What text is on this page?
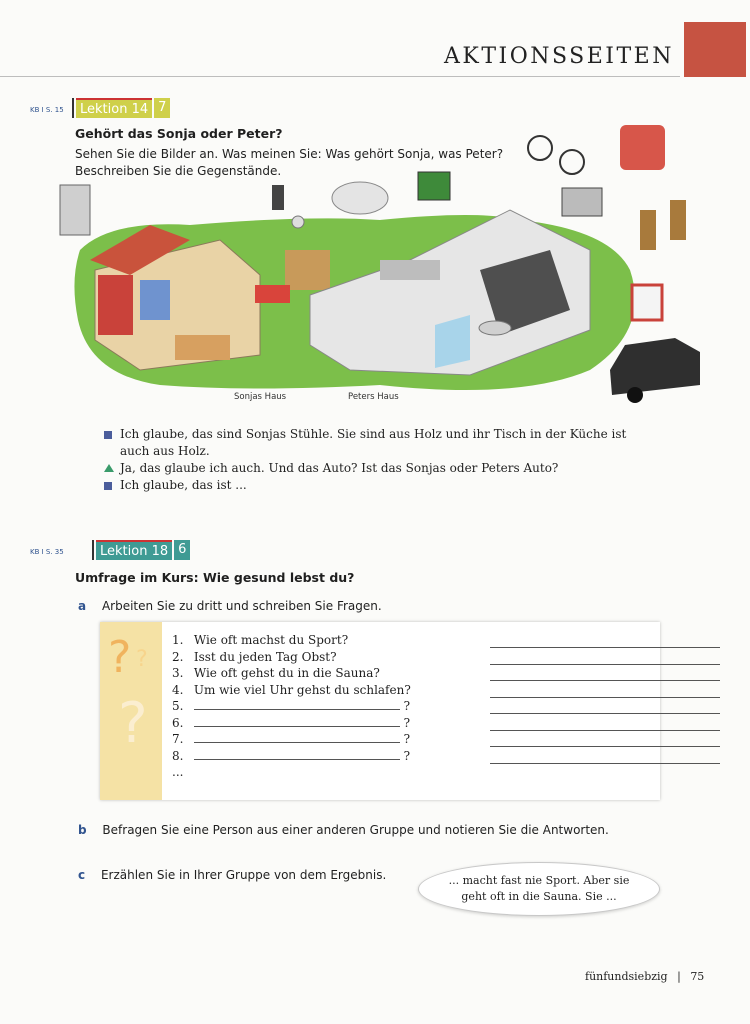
AKTIONSSEITEN
KB I S. 15	Lektion 14 7
Gehört das Sonja oder Peter?
Sehen Sie die Bilder an. Was meinen Sie: Was gehört Sonja, was Peter?
Beschreiben Sie die Gegenstände.
Sonjas Haus	Peters Haus
Ich glaube, das sind Sonjas Stühle. Sie sind aus Holz und ihr Tisch in der Küche ist
auch aus Holz.
Ja, das glaube ich auch. Und das Auto? Ist das Sonjas oder Peters Auto?
Ich glaube, das ist ...
KB I S. 35	Lektion 18 6
Umfrage im Kurs: Wie gesund lebst du?
a Arbeiten Sie zu dritt und schreiben Sie Fragen.
? ?
?
1. Wie oft machst du Sport?
2. Isst du jeden Tag Obst?
3. Wie oft gehst du in die Sauna?
4. Um wie viel Uhr gehst du schlafen?
5.	?
6.	?
7.	?
8.	?
...
b Befragen Sie eine Person aus einer anderen Gruppe und notieren Sie die Antworten.
c Erzählen Sie in Ihrer Gruppe von dem Ergebnis.	... macht fast nie Sport. Aber sie
geht oft in die Sauna. Sie ...
fünfundsiebzig | 75
